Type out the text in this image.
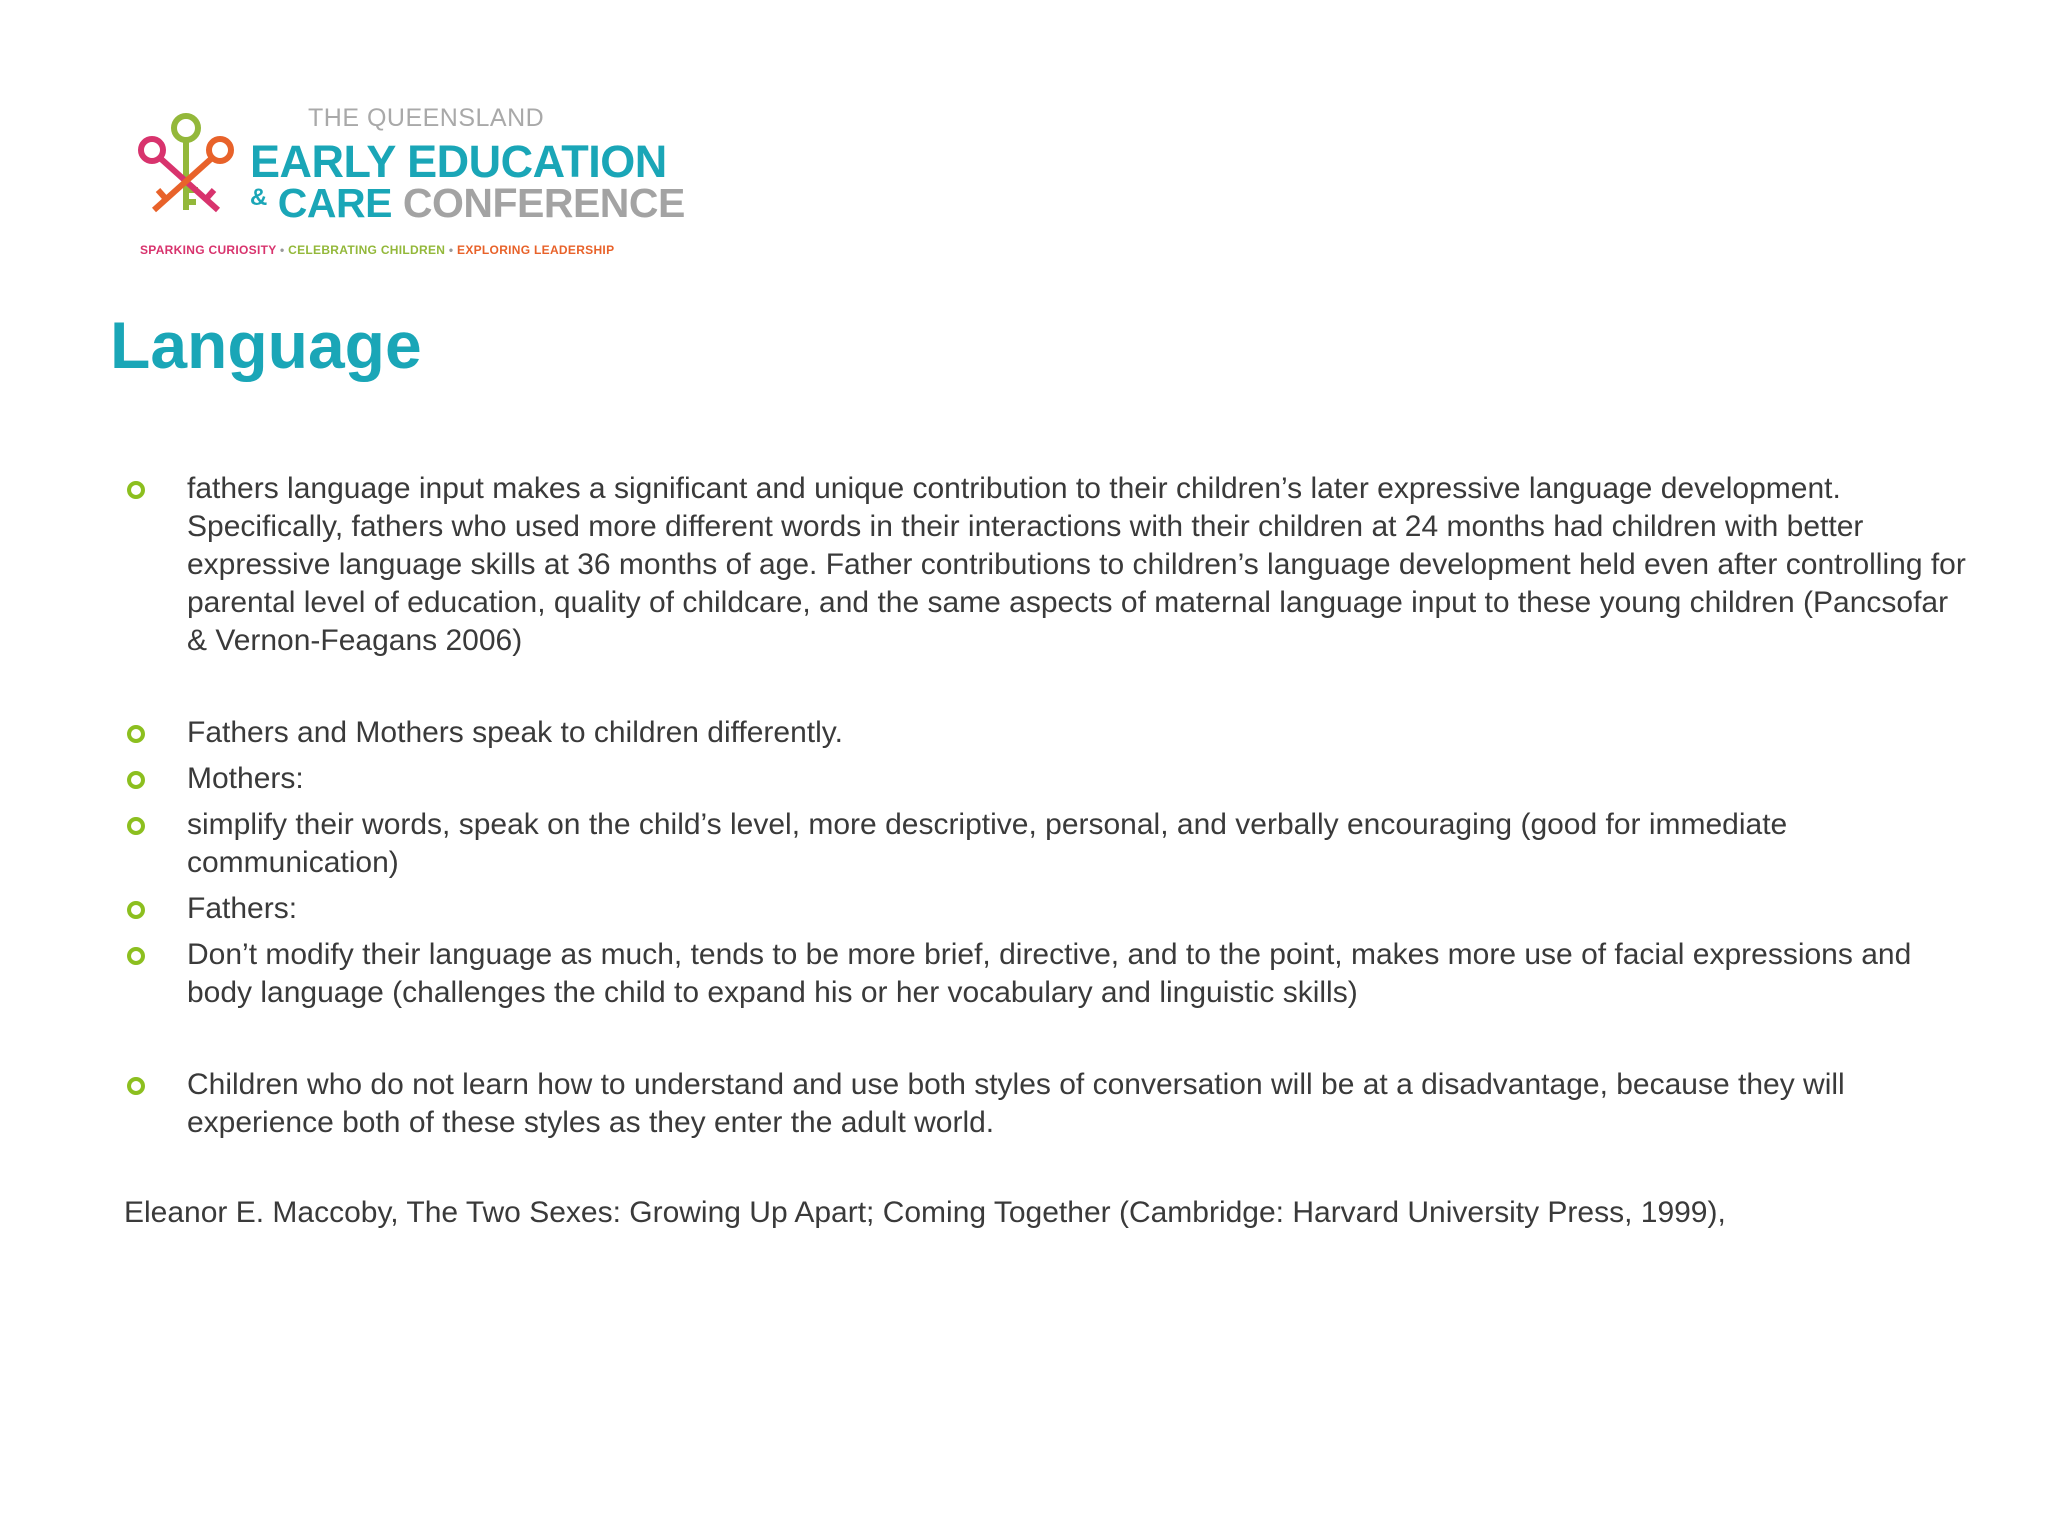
THE QUEENSLAND
EARLY EDUCATION
& CARE CONFERENCE
SPARKING CURIOSITY • CELEBRATING CHILDREN • EXPLORING LEADERSHIP
Language
fathers language input makes a significant and unique contribution to their children’s later expressive language development. Specifically, fathers who used more different words in their interactions with their children at 24 months had children with better expressive language skills at 36 months of age. Father contributions to children’s language development held even after controlling for parental level of education, quality of childcare, and the same aspects of maternal language input to these young children (Pancsofar & Vernon-Feagans 2006)
Fathers and Mothers speak to children differently.
Mothers:
simplify their words, speak on the child’s level, more descriptive, personal, and verbally encouraging (good for immediate communication)
Fathers:
Don’t modify their language as much, tends to be more brief, directive, and to the point, makes more use of facial expressions and body language (challenges the child to expand his or her vocabulary and linguistic skills)
Children who do not learn how to understand and use both styles of conversation will be at a disadvantage, because they will experience both of these styles as they enter the adult world.
Eleanor E. Maccoby, The Two Sexes: Growing Up Apart; Coming Together (Cambridge: Harvard University Press, 1999),
